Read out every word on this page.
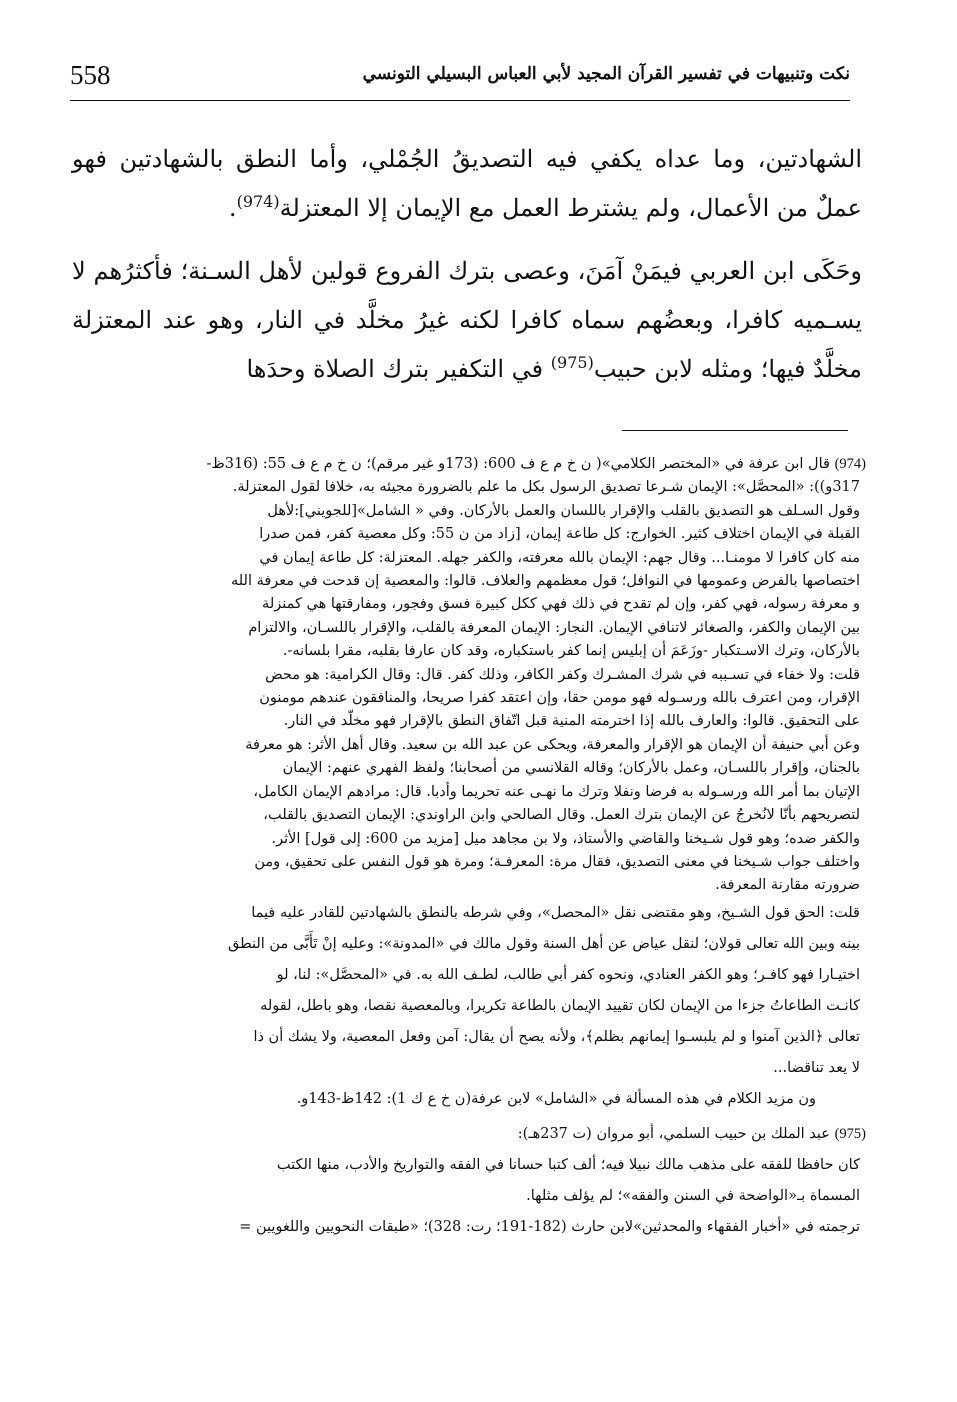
558	نكت وتنبيهات في تفسير القرآن المجيد لأبي العباس البسيلي التونسي

الشهادتين، وما عداه يكفي فيه التصديقُ الجُمْلي، وأما النطق بالشهادتين فهو عملٌ من الأعمال، ولم يشترط العمل مع الإيمان إلا المعتزلة$^{(974)}$.

وحَكَى ابن العربي فيمَنْ آمَنَ، وعصى بترك الفروع قولين لأهل السـنة؛ فأكثرُهم لا يسـميه كافرا، وبعضُهم سماه كافرا لكنه غيرُ مخلَّد في النار، وهو عند المعتزلة مخلَّدٌ فيها؛ ومثله لابن حبيب$^{(975)}$ في التكفير بترك الصلاة وحدَها

(974) قال ابن عرفة في «المختصر الكلامي»( ن خ م ع ف 600: (173و غير مرقم)؛ ن خ م ع ف 55: (316ظ-

317و)): «المحصَّل»: الإيمان شـرعا تصديق الرسول بكل ما علم بالضرورة مجيئه به، خلافا لقول المعتزلة.

وقول السـلف هو التصديق بالقلب والإقرار باللسان والعمل بالأركان. وفي « الشامل»[للجويني]:لأهل

القبلة في الإيمان اختلاف كثير. الخوارج: كل طاعة إيمان، [زاد من ن 55: وكل معصية كفر، فمن صدرا

منه كان كافرا لا مومنـا... وقال جهم: الإيمان بالله معرفته، والكفر جهله. المعتزلة: كل طاعة إيمان في

اختصاصها بالفرض وعمومها في النوافل؛ قول معظمهم والعلاف. قالوا: والمعصية إن قدحت في معرفة الله

و معرفة رسوله، فهي كفر، وإن لم تقدح في ذلك فهي ككل كبيرة فسق وفجور، ومفارقتها هي كمنزلة

بين الإيمان والكفر، والصغائر لاتنافي الإيمان. النجار: الإيمان المعرفة بالقلب، والإقرار باللسـان، والالتزام

بالأركان، وترك الاسـتكبار -وزَعَمَ أن إبليس إنما كفر باستكباره، وقد كان عارفا بقلبه، مقرا بلسانه-.

قلت: ولا خفاء في تسـببه في شرك المشـرك وكفر الكافر، وذلك كفر. قال: وقال الكرامية: هو محض

الإقرار، ومن اعترف بالله ورسـوله فهو مومن حقا، وإن اعتقد كفرا صريحا، والمنافقون عندهم مومنون

على التحقيق. قالوا: والعارف بالله إذا اخترمته المنية قبل اتّفاق النطق بالإقرار فهو مخلّد في النار.

وعن أبي حنيفة أن الإيمان هو الإقرار والمعرفة، ويحكى عن عبد الله بن سعيد. وقال أهل الأثر: هو معرفة

بالجنان، وإقرار باللسـان، وعمل بالأركان؛ وقاله القلانسي من أصحابنا؛ ولفظ الفهري عنهم: الإيمان

الإتيان بما أمر الله ورسـوله به فرضا ونفلا وترك ما نهـى عنه تحريما وأدبا. قال: مرادهم الإيمان الكامل،

لتصريحهم بأنّا لانُخرجُ عن الإيمان بترك العمل. وقال الصالحي وابن الراوندي: الإيمان التصديق بالقلب،

والكفر ضده؛ وهو قول شـيخنا والقاضي والأستاذ، ولا بن مجاهد ميل [مزيد من 600: إلى قول] الأثر.

واختلف جواب شـيخنا في معنى التصديق، فقال مرة: المعرفـة؛ ومرة هو قول النفس على تحقيق، ومن

ضرورته مقارنة المعرفة.

قلت: الحق قول الشـيخ، وهو مقتضى نقل «المحصل»، وفي شرطه بالنطق بالشهادتين للقادر عليه فيما

بينه وبين الله تعالى قولان؛ لنقل عياض عن أهل السنة وقول مالك في «المدونة»: وعليه إنْ تَأَبَّى من النطق

اختيـارا فهو كافـر؛ وهو الكفر العنادي، ونحوه كفر أبي طالب، لطـف الله به. في «المحصَّل»: لنا، لو

كانـت الطاعاتُ جزءا من الإيمان لكان تقييد الإيمان بالطاعة تكريرا، وبالمعصية نقصا، وهو باطل، لقوله

تعالى ﴿الذين آمنوا و لم يلبسـوا إيمانهم بظلم﴾، ولأنه يصح أن يقال: آمن وفعل المعصية، ولا يشك أن ذا

لا يعد تناقضا...

ون مزيد الكلام في هذه المسألة في «الشامل» لابن عرفة(ن خ ع ك 1): 142ظ-143و.

(975) عبد الملك بن حبيب السلمي، أبو مروان (ت 237هـ):

كان حافظا للفقه على مذهب مالك نبيلا فيه؛ ألف كتبا حسانا في الفقه والتواريخ والأدب، منها الكتب

المسماة بـ«الواضحة في السنن والفقه»؛ لم يؤلف مثلها.

ترجمته في «أخبار الفقهاء والمحدثين»لابن حارث (182-191؛ رت: 328)؛ «طبقات النحويين واللغويين =
